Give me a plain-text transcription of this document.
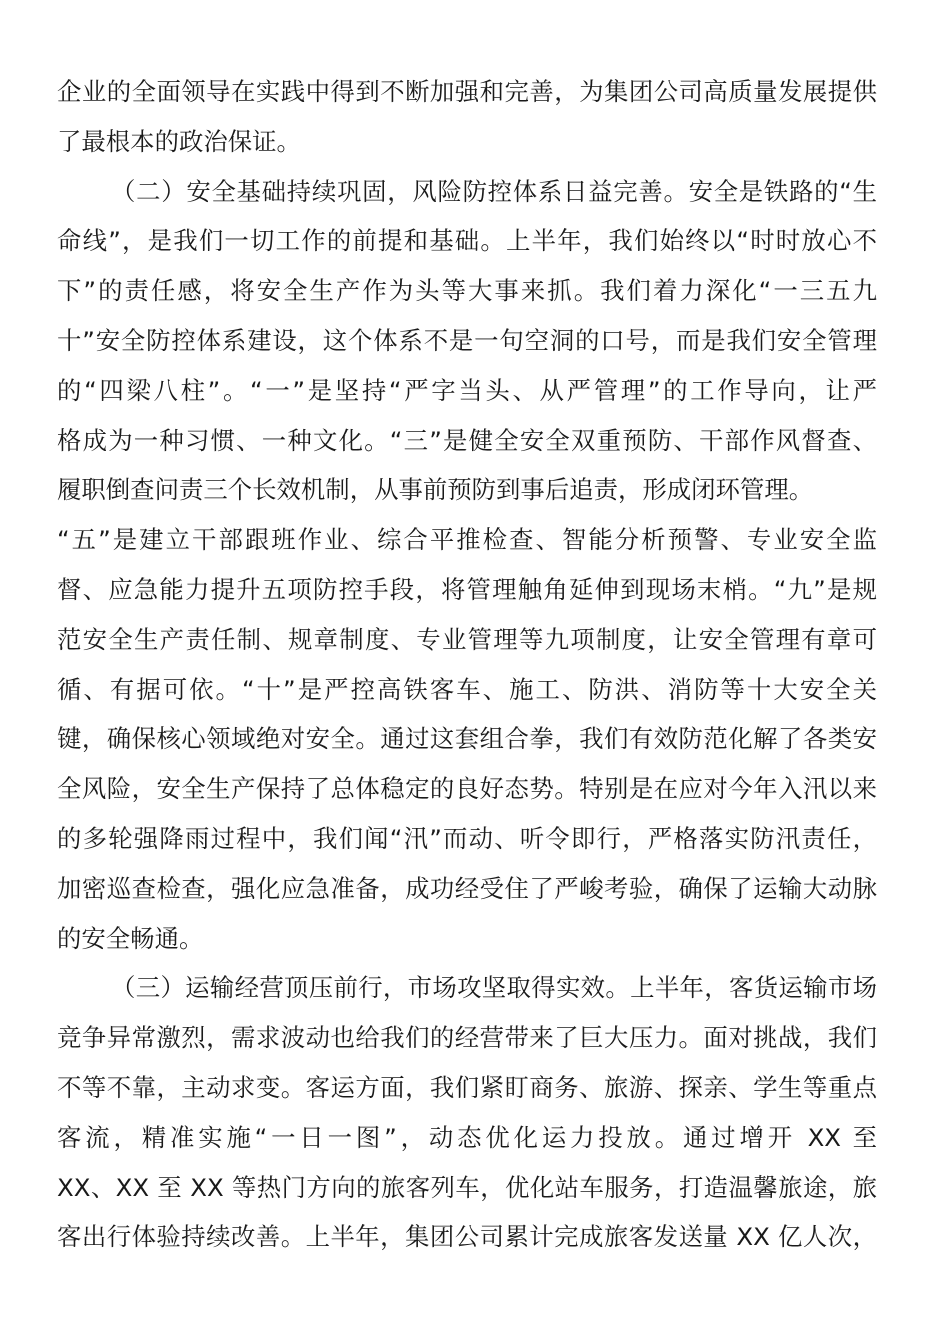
企业的全面领导在实践中得到不断加强和完善，为集团公司高质量发展提供
了最根本的政治保证。
（二）安全基础持续巩固，风险防控体系日益完善。安全是铁路的“生
命线”，是我们一切工作的前提和基础。上半年，我们始终以“时时放心不
下”的责任感，将安全生产作为头等大事来抓。我们着力深化“一三五九
十”安全防控体系建设，这个体系不是一句空洞的口号，而是我们安全管理
的“四梁八柱”。“一”是坚持“严字当头、从严管理”的工作导向，让严
格成为一种习惯、一种文化。“三”是健全安全双重预防、干部作风督查、
履职倒查问责三个长效机制，从事前预防到事后追责，形成闭环管理。
“五”是建立干部跟班作业、综合平推检查、智能分析预警、专业安全监
督、应急能力提升五项防控手段，将管理触角延伸到现场末梢。“九”是规
范安全生产责任制、规章制度、专业管理等九项制度，让安全管理有章可
循、有据可依。“十”是严控高铁客车、施工、防洪、消防等十大安全关
键，确保核心领域绝对安全。通过这套组合拳，我们有效防范化解了各类安
全风险，安全生产保持了总体稳定的良好态势。特别是在应对今年入汛以来
的多轮强降雨过程中，我们闻“汛”而动、听令即行，严格落实防汛责任，
加密巡查检查，强化应急准备，成功经受住了严峻考验，确保了运输大动脉
的安全畅通。
（三）运输经营顶压前行，市场攻坚取得实效。上半年，客货运输市场
竞争异常激烈，需求波动也给我们的经营带来了巨大压力。面对挑战，我们
不等不靠，主动求变。客运方面，我们紧盯商务、旅游、探亲、学生等重点
客流，精准实施“一日一图”，动态优化运力投放。通过增开 XX 至
XX、XX 至 XX 等热门方向的旅客列车，优化站车服务，打造温馨旅途，旅
客出行体验持续改善。上半年，集团公司累计完成旅客发送量 XX 亿人次，
